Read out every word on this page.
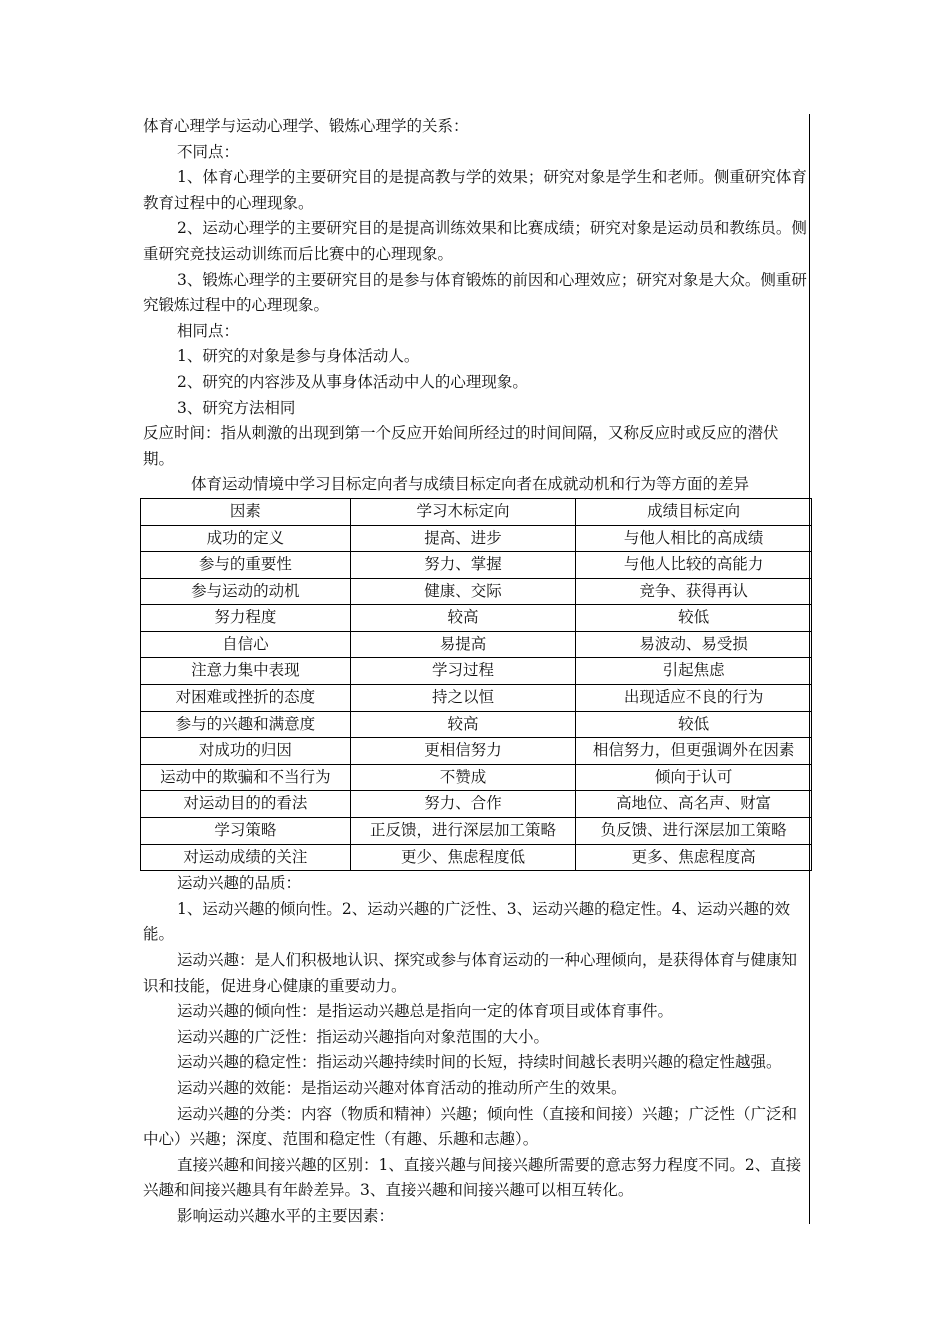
体育心理学与运动心理学、锻炼心理学的关系：

不同点：

1、体育心理学的主要研究目的是提高教与学的效果；研究对象是学生和老师。侧重研究体育教育过程中的心理现象。

2、运动心理学的主要研究目的是提高训练效果和比赛成绩；研究对象是运动员和教练员。侧重研究竞技运动训练而后比赛中的心理现象。

3、锻炼心理学的主要研究目的是参与体育锻炼的前因和心理效应；研究对象是大众。侧重研究锻炼过程中的心理现象。

相同点：

1、研究的对象是参与身体活动人。

2、研究的内容涉及从事身体活动中人的心理现象。

3、研究方法相同

反应时间：指从刺激的出现到第一个反应开始间所经过的时间间隔，又称反应时或反应的潜伏期。

体育运动情境中学习目标定向者与成绩目标定向者在成就动机和行为等方面的差异

因素	学习木标定向	成绩目标定向
成功的定义	提高、进步	与他人相比的高成绩
参与的重要性	努力、掌握	与他人比较的高能力
参与运动的动机	健康、交际	竞争、获得再认
努力程度	较高	较低
自信心	易提高	易波动、易受损
注意力集中表现	学习过程	引起焦虑
对困难或挫折的态度	持之以恒	出现适应不良的行为
参与的兴趣和满意度	较高	较低
对成功的归因	更相信努力	相信努力，但更强调外在因素
运动中的欺骗和不当行为	不赞成	倾向于认可
对运动目的的看法	努力、合作	高地位、高名声、财富
学习策略	正反馈，进行深层加工策略	负反馈、进行深层加工策略
对运动成绩的关注	更少、焦虑程度低	更多、焦虑程度高

运动兴趣的品质：

1、运动兴趣的倾向性。2、运动兴趣的广泛性、3、运动兴趣的稳定性。4、运动兴趣的效能。

运动兴趣：是人们积极地认识、探究或参与体育运动的一种心理倾向，是获得体育与健康知识和技能，促进身心健康的重要动力。

运动兴趣的倾向性：是指运动兴趣总是指向一定的体育项目或体育事件。

运动兴趣的广泛性：指运动兴趣指向对象范围的大小。

运动兴趣的稳定性：指运动兴趣持续时间的长短，持续时间越长表明兴趣的稳定性越强。

运动兴趣的效能：是指运动兴趣对体育活动的推动所产生的效果。

运动兴趣的分类：内容（物质和精神）兴趣；倾向性（直接和间接）兴趣；广泛性（广泛和中心）兴趣；深度、范围和稳定性（有趣、乐趣和志趣）。

直接兴趣和间接兴趣的区别：1、直接兴趣与间接兴趣所需要的意志努力程度不同。2、直接兴趣和间接兴趣具有年龄差异。3、直接兴趣和间接兴趣可以相互转化。

影响运动兴趣水平的主要因素：
